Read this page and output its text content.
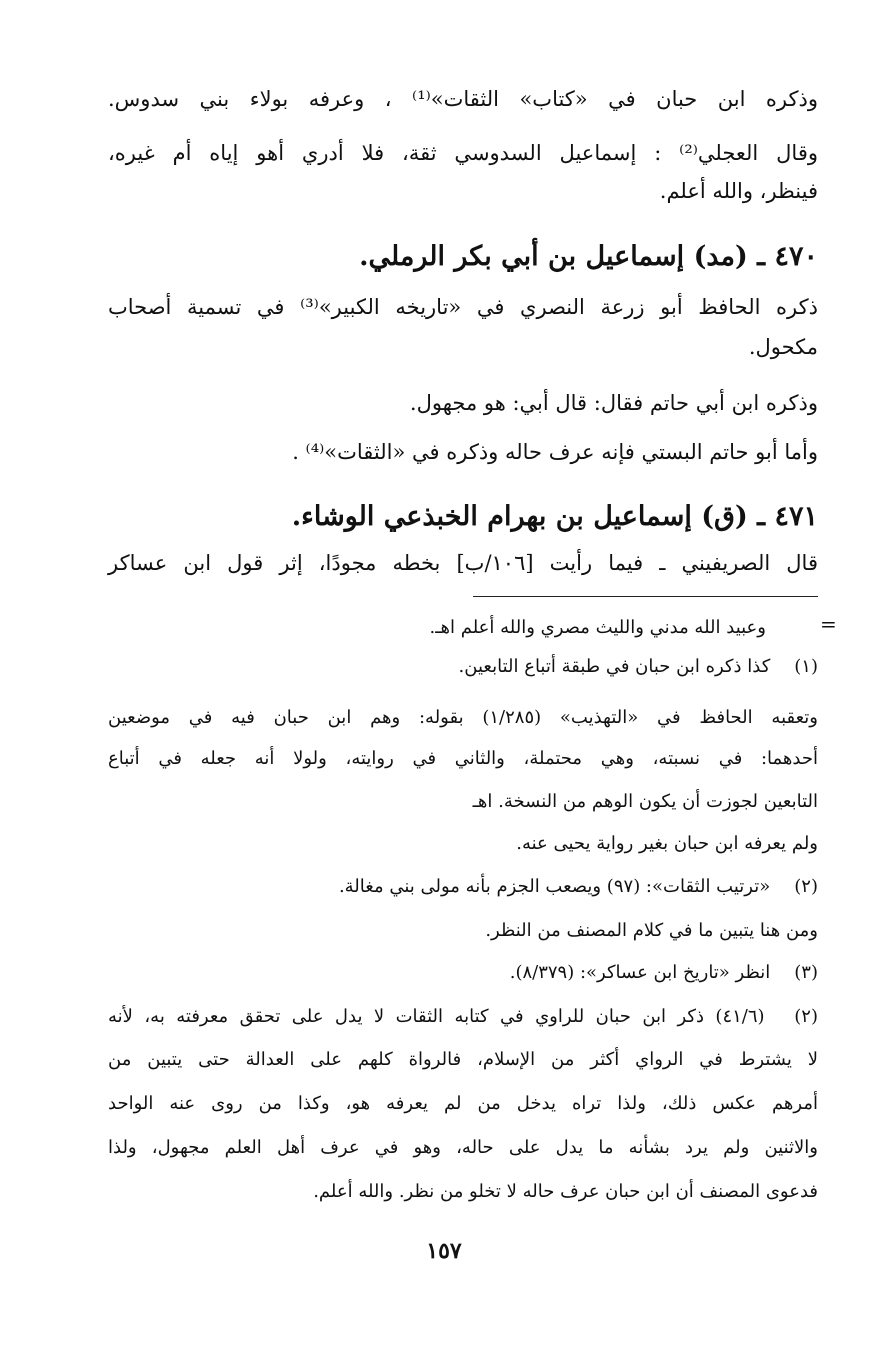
وذكره ابن حبان في «كتاب» الثقات»⁽¹⁾ ، وعرفه بولاء بني سدوس.
وقال العجلي⁽²⁾ : إسماعيل السدوسي ثقة، فلا أدري أهو إياه أم غيره،
فينظر، والله أعلم.
٤٧٠ ـ (مد) إسماعيل بن أبي بكر الرملي.
ذكره الحافظ أبو زرعة النصري في «تاريخه الكبير»⁽³⁾ في تسمية أصحاب
مكحول.
وذكره ابن أبي حاتم فقال: قال أبي: هو مجهول.
وأما أبو حاتم البستي فإنه عرف حاله وذكره في «الثقات»⁽⁴⁾ .
٤٧١ ـ (ق) إسماعيل بن بهرام الخبذعي الوشاء.
قال الصريفيني ـ فيما رأيت [١٠٦/ب] بخطه مجودًا، إثر قول ابن عساكر
=
وعبيد الله مدني والليث مصري والله أعلم اهـ.
(١) كذا ذكره ابن حبان في طبقة أتباع التابعين.
وتعقبه الحافظ في «التهذيب» (١/٢٨٥) بقوله: وهم ابن حبان فيه في موضعين
أحدهما: في نسبته، وهي محتملة، والثاني في روايته، ولولا أنه جعله في أتباع
التابعين لجوزت أن يكون الوهم من النسخة. اهـ
ولم يعرفه ابن حبان بغير رواية يحيى عنه.
(٢) «ترتيب الثقات»: (٩٧) ويصعب الجزم بأنه مولى بني مغالة.
ومن هنا يتبين ما في كلام المصنف من النظر.
(٣) انظر «تاريخ ابن عساكر»: (٨/٣٧٩).
(٢) (٤١/٦) ذكر ابن حبان للراوي في كتابه الثقات لا يدل على تحقق معرفته به، لأنه
لا يشترط في الرواي أكثر من الإسلام، فالرواة كلهم على العدالة حتى يتبين من
أمرهم عكس ذلك، ولذا تراه يدخل من لم يعرفه هو، وكذا من روى عنه الواحد
والاثنين ولم يرد بشأنه ما يدل على حاله، وهو في عرف أهل العلم مجهول، ولذا
فدعوى المصنف أن ابن حبان عرف حاله لا تخلو من نظر. والله أعلم.
١٥٧
